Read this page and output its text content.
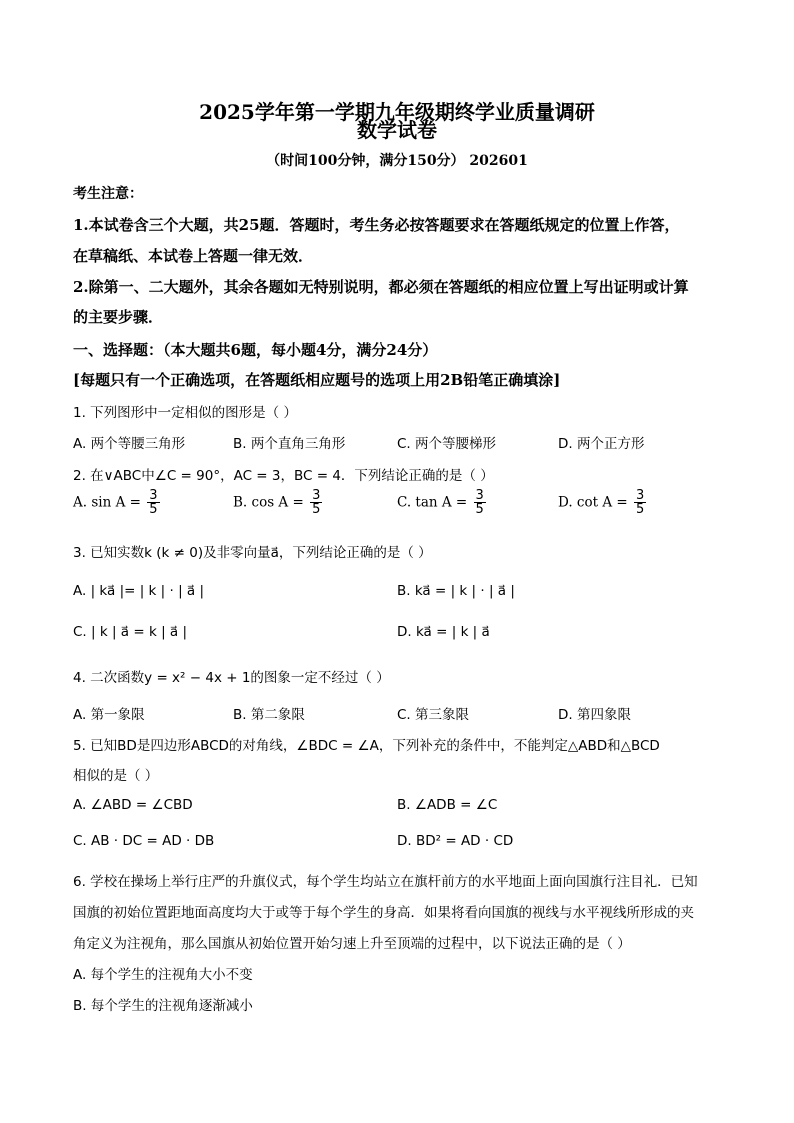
2025学年第一学期九年级期终学业质量调研
数学试卷
（时间100分钟，满分150分） 202601
考生注意：
1.本试卷含三个大题，共25题．答题时，考生务必按答题要求在答题纸规定的位置上作答，
在草稿纸、本试卷上答题一律无效．
2.除第一、二大题外，其余各题如无特别说明，都必须在答题纸的相应位置上写出证明或计算
的主要步骤．
一、选择题：（本大题共6题，每小题4分，满分24分）
[每题只有一个正确选项，在答题纸相应题号的选项上用2B铅笔正确填涂]
1. 下列图形中一定相似的图形是（ ）
A. 两个等腰三角形	B. 两个直角三角形	C. 两个等腰梯形	D. 两个正方形
2. 在∨ABC中∠C = 90°，AC = 3，BC = 4．下列结论正确的是（ ）
A. $\sin A = \frac{3}{5}$	B. $\cos A = \frac{3}{5}$	C. $\tan A = \frac{3}{5}$	D. $\cot A = \frac{3}{5}$
3. 已知实数k (k ≠ 0)及非零向量a⃗，下列结论正确的是（ ）
A. | ka⃗ |= | k | · | a⃗ |	B. ka⃗ = | k | · | a⃗ |
C. | k | a⃗ = k | a⃗ |	D. ka⃗ = | k | a⃗
4. 二次函数y = x² − 4x + 1的图象一定不经过（ ）
A. 第一象限	B. 第二象限	C. 第三象限	D. 第四象限
5. 已知BD是四边形ABCD的对角线，∠BDC = ∠A，下列补充的条件中，不能判定△ABD和△BCD
相似的是（ ）
A. ∠ABD = ∠CBD	B. ∠ADB = ∠C
C. AB · DC = AD · DB	D. BD² = AD · CD
6. 学校在操场上举行庄严的升旗仪式，每个学生均站立在旗杆前方的水平地面上面向国旗行注目礼．已知
国旗的初始位置距地面高度均大于或等于每个学生的身高．如果将看向国旗的视线与水平视线所形成的夹
角定义为注视角，那么国旗从初始位置开始匀速上升至顶端的过程中，以下说法正确的是（ ）
A. 每个学生的注视角大小不变
B. 每个学生的注视角逐渐减小
